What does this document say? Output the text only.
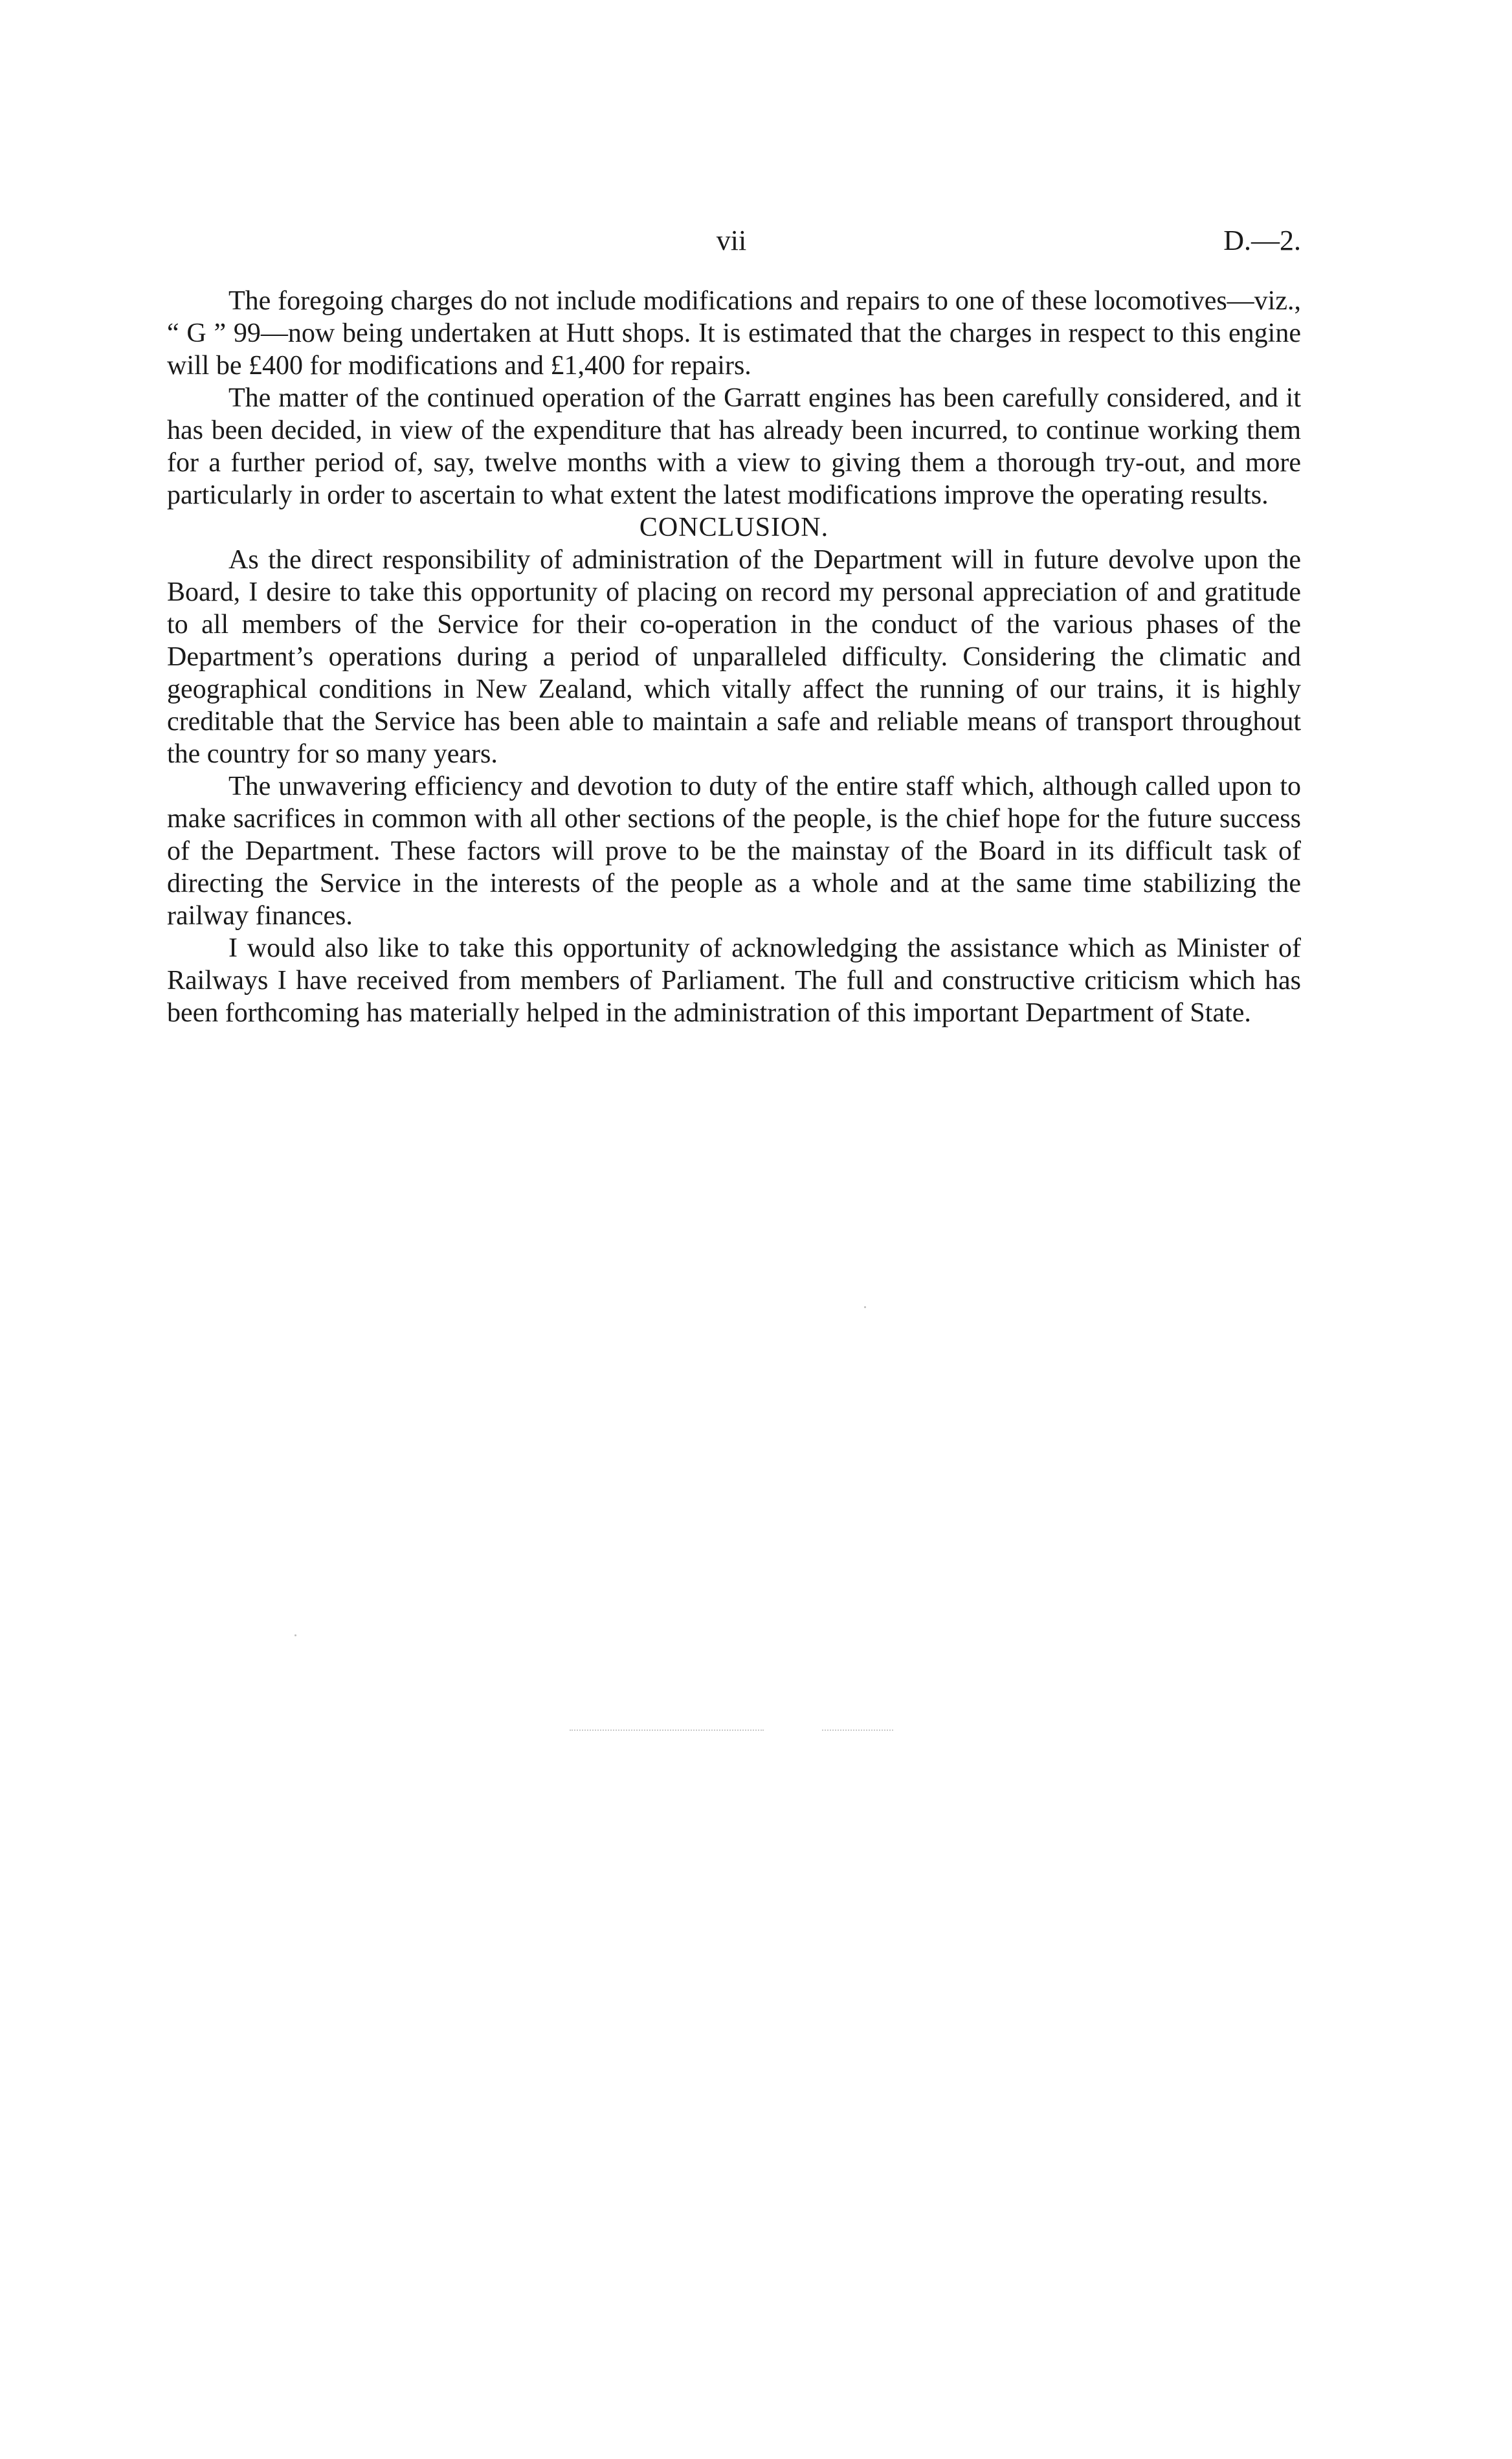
vii	D.—2.

The foregoing charges do not include modifications and repairs to one of these locomotives—viz., “ G ” 99—now being undertaken at Hutt shops. It is estimated that the charges in respect to this engine will be £400 for modifications and £1,400 for repairs.

The matter of the continued operation of the Garratt engines has been carefully considered, and it has been decided, in view of the expenditure that has already been incurred, to continue working them for a further period of, say, twelve months with a view to giving them a thorough try-out, and more particularly in order to ascertain to what extent the latest modifications improve the operating results.

CONCLUSION.

As the direct responsibility of administration of the Department will in future devolve upon the Board, I desire to take this opportunity of placing on record my personal appreciation of and gratitude to all members of the Service for their co-operation in the conduct of the various phases of the Department’s operations during a period of unparalleled difficulty. Considering the climatic and geographical conditions in New Zealand, which vitally affect the running of our trains, it is highly creditable that the Service has been able to maintain a safe and reliable means of transport throughout the country for so many years.

The unwavering efficiency and devotion to duty of the entire staff which, although called upon to make sacrifices in common with all other sections of the people, is the chief hope for the future success of the Department. These factors will prove to be the mainstay of the Board in its difficult task of directing the Service in the interests of the people as a whole and at the same time stabilizing the railway finances.

I would also like to take this opportunity of acknowledging the assistance which as Minister of Railways I have received from members of Parliament. The full and constructive criticism which has been forthcoming has materially helped in the administration of this important Department of State.
